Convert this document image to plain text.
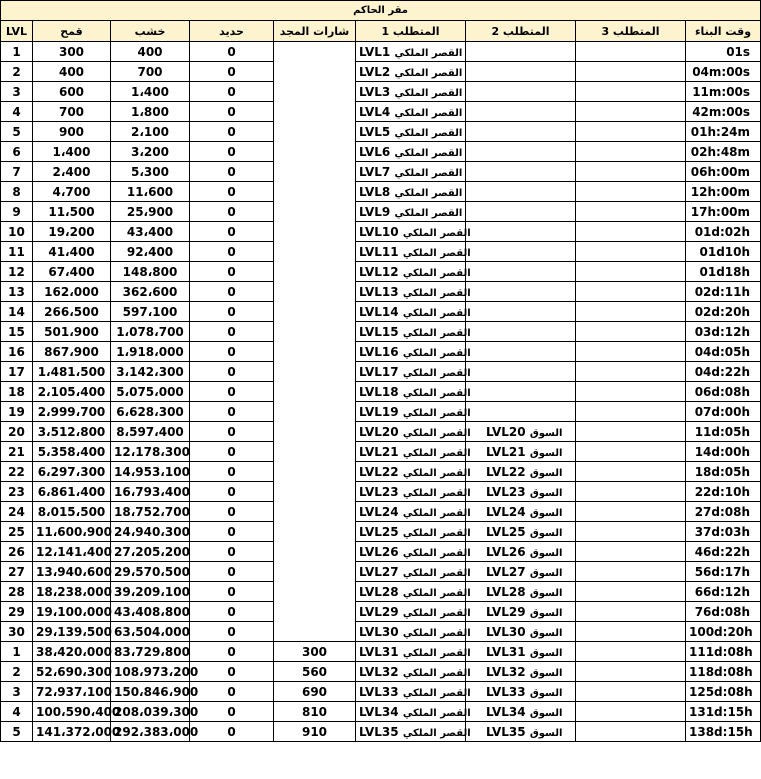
مقر الحاكم								
LVL	قمح	خشب	حديد	شارات المجد	المتطلب 1	المتطلب 2	المتطلب 3	وقت البناء
1	300	400	0		LVL1 القصر الملكي			01s
2	400	700	0		LVL2 القصر الملكي			04m:00s
3	600	1،400	0		LVL3 القصر الملكي			11m:00s
4	700	1،800	0		LVL4 القصر الملكي			42m:00s
5	900	2،100	0		LVL5 القصر الملكي			01h:24m
6	1،400	3،200	0		LVL6 القصر الملكي			02h:48m
7	2،400	5،300	0		LVL7 القصر الملكي			06h:00m
8	4،700	11،600	0		LVL8 القصر الملكي			12h:00m
9	11،500	25،900	0		LVL9 القصر الملكي			17h:00m
10	19،200	43،400	0		LVL10 القصر الملكي			01d:02h
11	41،400	92،400	0		LVL11 القصر الملكي			01d10h
12	67،400	148،800	0		LVL12 القصر الملكي			01d18h
13	162،000	362،600	0		LVL13 القصر الملكي			02d:11h
14	266،500	597،100	0		LVL14 القصر الملكي			02d:20h
15	501،900	1،078،700	0		LVL15 القصر الملكي			03d:12h
16	867،900	1،918،000	0		LVL16 القصر الملكي			04d:05h
17	1،481،500	3،142،300	0		LVL17 القصر الملكي			04d:22h
18	2،105،400	5،075،000	0		LVL18 القصر الملكي			06d:08h
19	2،999،700	6،628،300	0		LVL19 القصر الملكي			07d:00h
20	3،512،800	8،597،400	0		LVL20 القصر الملكي	LVL20 السوق		11d:05h
21	5،358،400	12،178،300	0		LVL21 القصر الملكي	LVL21 السوق		14d:00h
22	6،297،300	14،953،100	0		LVL22 القصر الملكي	LVL22 السوق		18d:05h
23	6،861،400	16،793،400	0		LVL23 القصر الملكي	LVL23 السوق		22d:10h
24	8،015،500	18،752،700	0		LVL24 القصر الملكي	LVL24 السوق		27d:08h
25	11،600،900	24،940،300	0		LVL25 القصر الملكي	LVL25 السوق		37d:03h
26	12،141،400	27،205،200	0		LVL26 القصر الملكي	LVL26 السوق		46d:22h
27	13،940،600	29،570،500	0		LVL27 القصر الملكي	LVL27 السوق		56d:17h
28	18،238،000	39،209،100	0		LVL28 القصر الملكي	LVL28 السوق		66d:12h
29	19،100،000	43،408،800	0		LVL29 القصر الملكي	LVL29 السوق		76d:08h
30	29،139،500	63،504،000	0		LVL30 القصر الملكي	LVL30 السوق		100d:20h
1	38،420،000	83،729،800	0	300	LVL31 القصر الملكي	LVL31 السوق		111d:08h
2	52،690،300	108،973،200	0	560	LVL32 القصر الملكي	LVL32 السوق		118d:08h
3	72،937،100	150،846،900	0	690	LVL33 القصر الملكي	LVL33 السوق		125d:08h
4	100،590،400	208،039،300	0	810	LVL34 القصر الملكي	LVL34 السوق		131d:15h
5	141،372،000	292،383،000	0	910	LVL35 القصر الملكي	LVL35 السوق		138d:15h
